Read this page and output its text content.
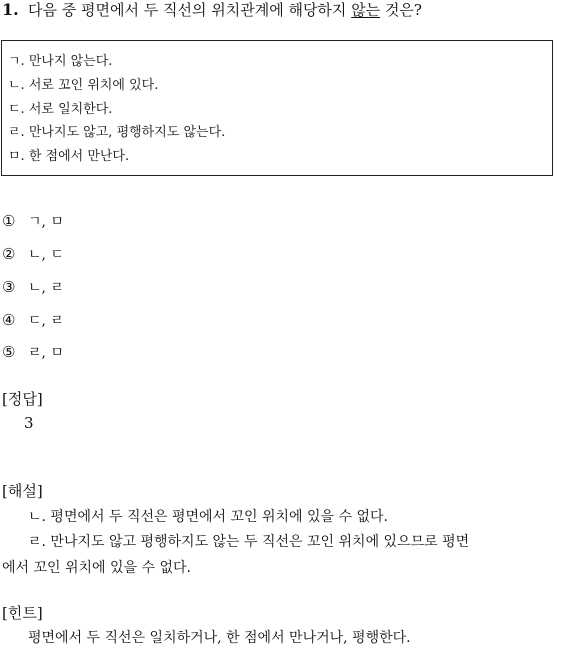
1. 다음 중 평면에서 두 직선의 위치관계에 해당하지 않는 것은?
ㄱ. 만나지 않는다.
ㄴ. 서로 꼬인 위치에 있다.
ㄷ. 서로 일치한다.
ㄹ. 만나지도 않고, 평행하지도 않는다.
ㅁ. 한 점에서 만난다.
① ㄱ, ㅁ
② ㄴ, ㄷ
③ ㄴ, ㄹ
④ ㄷ, ㄹ
⑤ ㄹ, ㅁ
[정답]
3
[해설]
ㄴ. 평면에서 두 직선은 평면에서 꼬인 위치에 있을 수 없다.
ㄹ. 만나지도 않고 평행하지도 않는 두 직선은 꼬인 위치에 있으므로 평면
에서 꼬인 위치에 있을 수 없다.
[힌트]
평면에서 두 직선은 일치하거나, 한 점에서 만나거나, 평행한다.
